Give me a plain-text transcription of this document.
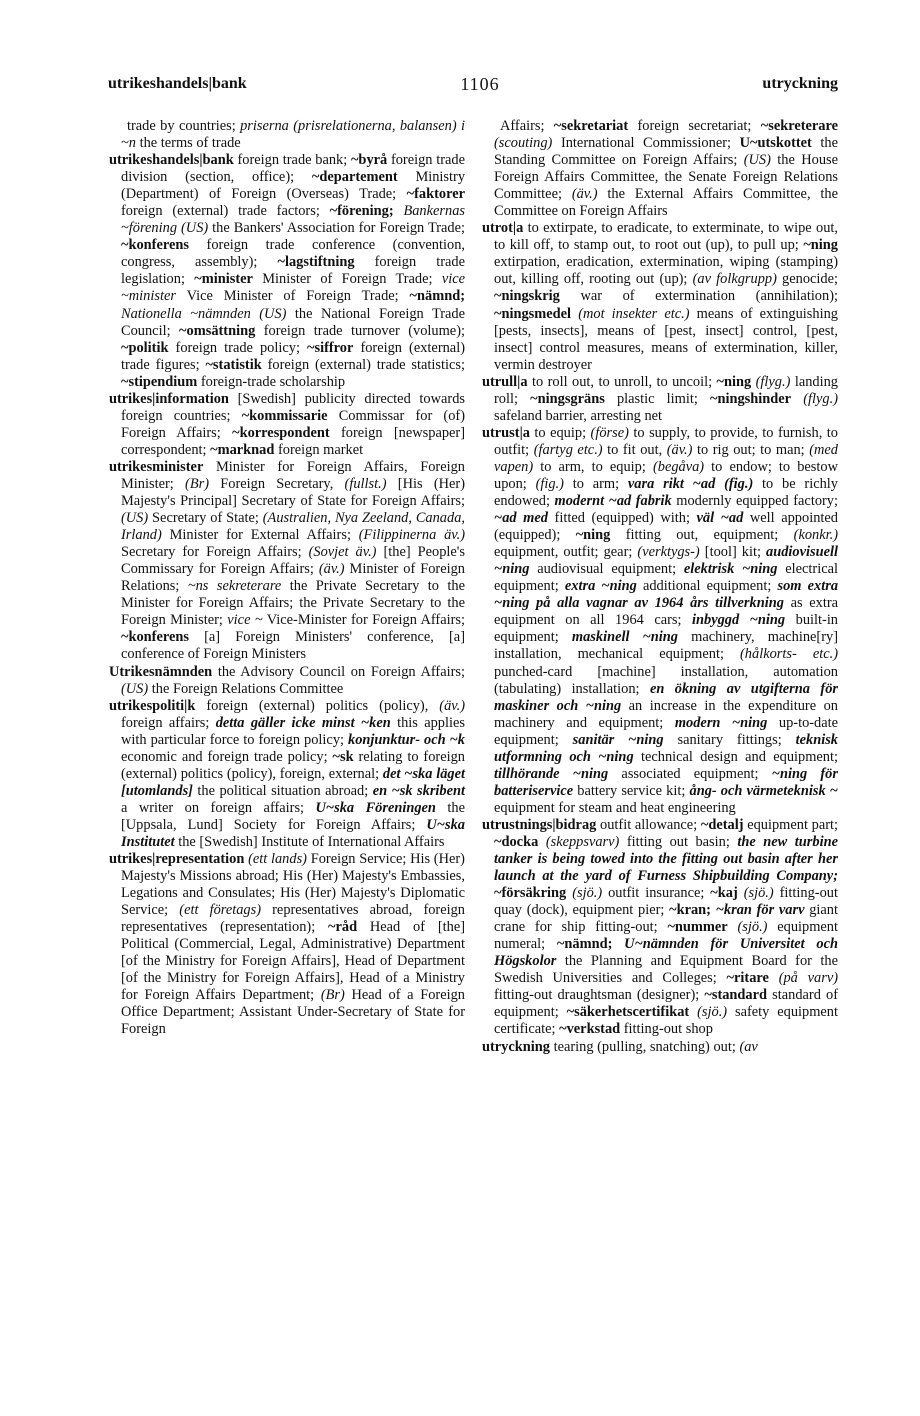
utrikeshandels|bank	1106	utryckning

trade by countries; priserna (prisrelationerna, balansen) i ~n the terms of trade

utrikeshandels|bank foreign trade bank; ~byrå foreign trade division (section, office); ~departement Ministry (Department) of Foreign (Overseas) Trade; ~faktorer foreign (external) trade factors; ~förening; Bankernas ~förening (US) the Bankers' Association for Foreign Trade; ~konferens foreign trade conference (convention, congress, assembly); ~lagstiftning foreign trade legislation; ~minister Minister of Foreign Trade; vice ~minister Vice Minister of Foreign Trade; ~nämnd; Nationella ~nämnden (US) the National Foreign Trade Council; ~omsättning foreign trade turnover (volume); ~politik foreign trade policy; ~siffror foreign (external) trade figures; ~statistik foreign (external) trade statistics; ~stipendium foreign-trade scholarship

utrikes|information [Swedish] publicity directed towards foreign countries; ~kommissarie Commissar for (of) Foreign Affairs; ~korrespondent foreign [newspaper] correspondent; ~marknad foreign market

utrikesminister Minister for Foreign Affairs, Foreign Minister; (Br) Foreign Secretary, (fullst.) [His (Her) Majesty's Principal] Secretary of State for Foreign Affairs; (US) Secretary of State; (Australien, Nya Zeeland, Canada, Irland) Minister for External Affairs; (Filippinerna äv.) Secretary for Foreign Affairs; (Sovjet äv.) [the] People's Commissary for Foreign Affairs; (äv.) Minister of Foreign Relations; ~ns sekreterare the Private Secretary to the Minister for Foreign Affairs; the Private Secretary to the Foreign Minister; vice ~ Vice-Minister for Foreign Affairs; ~konferens [a] Foreign Ministers' conference, [a] conference of Foreign Ministers

Utrikesnämnden the Advisory Council on Foreign Affairs; (US) the Foreign Relations Committee

utrikespoliti|k foreign (external) politics (policy), (äv.) foreign affairs; detta gäller icke minst ~ken this applies with particular force to foreign policy; konjunktur- och ~k economic and foreign trade policy; ~sk relating to foreign (external) politics (policy), foreign, external; det ~ska läget [utomlands] the political situation abroad; en ~sk skribent a writer on foreign affairs; U~ska Föreningen the [Uppsala, Lund] Society for Foreign Affairs; U~ska Institutet the [Swedish] Institute of International Affairs

utrikes|representation (ett lands) Foreign Service; His (Her) Majesty's Missions abroad; His (Her) Majesty's Embassies, Legations and Consulates; His (Her) Majesty's Diplomatic Service; (ett företags) representatives abroad, foreign representatives (representation); ~råd Head of [the] Political (Commercial, Legal, Administrative) Department [of the Ministry for Foreign Affairs], Head of Department [of the Ministry for Foreign Affairs], Head of a Ministry for Foreign Affairs Department; (Br) Head of a Foreign Office Department; Assistant Under-Secretary of State for Foreign

Affairs; ~sekretariat foreign secretariat; ~sekreterare (scouting) International Commissioner; U~utskottet the Standing Committee on Foreign Affairs; (US) the House Foreign Affairs Committee, the Senate Foreign Relations Committee; (äv.) the External Affairs Committee, the Committee on Foreign Affairs

utrot|a to extirpate, to eradicate, to exterminate, to wipe out, to kill off, to stamp out, to root out (up), to pull up; ~ning extirpation, eradication, extermination, wiping (stamping) out, killing off, rooting out (up); (av folkgrupp) genocide; ~ningskrig war of extermination (annihilation); ~ningsmedel (mot insekter etc.) means of extinguishing [pests, insects], means of [pest, insect] control, [pest, insect] control measures, means of extermination, killer, vermin destroyer

utrull|a to roll out, to unroll, to uncoil; ~ning (flyg.) landing roll; ~ningsgräns plastic limit; ~ningshinder (flyg.) safeland barrier, arresting net

utrust|a to equip; (förse) to supply, to provide, to furnish, to outfit; (fartyg etc.) to fit out, (äv.) to rig out; to man; (med vapen) to arm, to equip; (begåva) to endow; to bestow upon; (fig.) to arm; vara rikt ~ad (fig.) to be richly endowed; modernt ~ad fabrik modernly equipped factory; ~ad med fitted (equipped) with; väl ~ad well appointed (equipped); ~ning fitting out, equipment; (konkr.) equipment, outfit; gear; (verktygs-) [tool] kit; audiovisuell ~ning audiovisual equipment; elektrisk ~ning electrical equipment; extra ~ning additional equipment; som extra ~ning på alla vagnar av 1964 års tillverkning as extra equipment on all 1964 cars; inbyggd ~ning built-in equipment; maskinell ~ning machinery, machine[ry] installation, mechanical equipment; (hålkorts- etc.) punched-card [machine] installation, automation (tabulating) installation; en ökning av utgifterna för maskiner och ~ning an increase in the expenditure on machinery and equipment; modern ~ning up-to-date equipment; sanitär ~ning sanitary fittings; teknisk utformning och ~ning technical design and equipment; tillhörande ~ning associated equipment; ~ning för batteriservice battery service kit; ång- och värmeteknisk ~ equipment for steam and heat engineering

utrustnings|bidrag outfit allowance; ~detalj equipment part; ~docka (skeppsvarv) fitting out basin; the new turbine tanker is being towed into the fitting out basin after her launch at the yard of Furness Shipbuilding Company; ~försäkring (sjö.) outfit insurance; ~kaj (sjö.) fitting-out quay (dock), equipment pier; ~kran; ~kran för varv giant crane for ship fitting-out; ~nummer (sjö.) equipment numeral; ~nämnd; U~nämnden för Universitet och Högskolor the Planning and Equipment Board for the Swedish Universities and Colleges; ~ritare (på varv) fitting-out draughtsman (designer); ~standard standard of equipment; ~säkerhetscertifikat (sjö.) safety equipment certificate; ~verkstad fitting-out shop

utryckning tearing (pulling, snatching) out; (av
